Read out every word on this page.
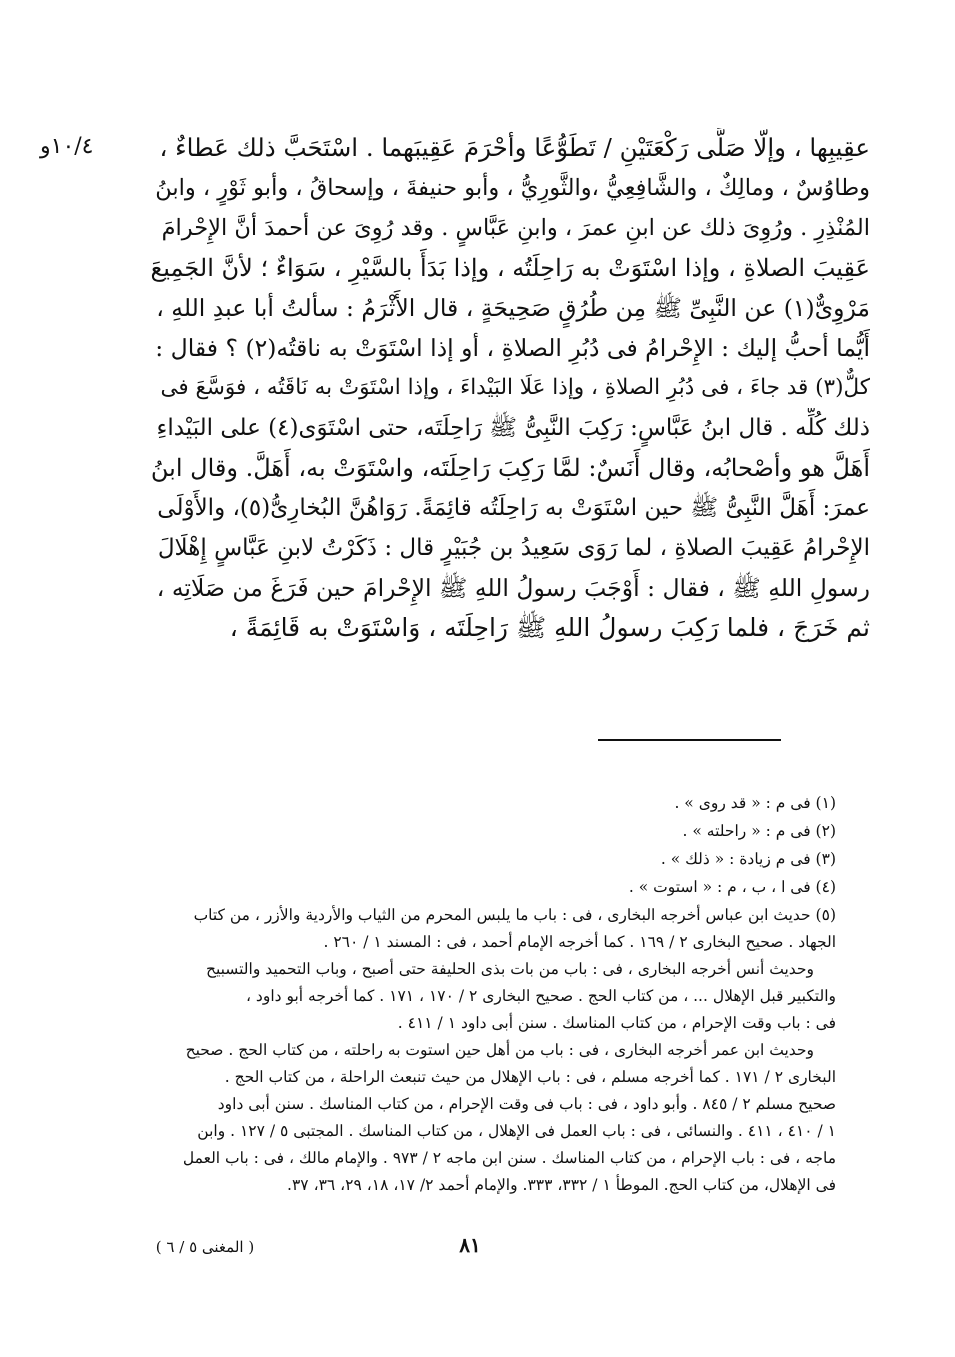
١٠/٤و	عقِيبِها ، وإلّا صَلَّى رَكْعَتَيْنِ / تَطَوُّعًا وأحْرَمَ عَقِيبَهما . اسْتَحَبَّ ذلك عَطاءٌ ،
وطاوُسٌ ، ومالِكٌ ، والشَّافِعِيُّ ،والثَّورِيُّ ، وأبو حنيفةَ ، وإسحاقُ ، وأبو ثَوْرٍ ، وابنُ
المُنْذِرِ . ورُوِىَ ذلك عن ابنِ عمرَ ، وابنِ عَبَّاسٍ . وقد رُوِىَ عن أحمدَ أنَّ الإِحْرامَ
عَقِيبَ الصلاةِ ، وإذا اسْتَوَتْ به رَاحِلَتُه ، وإذا بَدَأَ بالسَّيْرِ ، سَوَاءٌ ؛ لأنَّ الجَمِيعَ
مَرْوِىٌّ(١) عن النَّبِىِّ ﷺ مِن طُرُقٍ صَحِيحَةٍ ، قال الأَثْرَمُ : سألتُ أبا عبدِ اللهِ ،
أَيُّما أحبُّ إليك : الإِحْرامُ فى دُبُرِ الصلاةِ ، أو إذا اسْتَوَتْ به ناقتُه(٢) ؟ فقال :
كلٌّ(٣) قد جاءَ ، فى دُبُرِ الصلاةِ ، وإذا عَلَا البَيْداءَ ، وإذا اسْتَوَتْ به نَاقَتُه ، فوَسَّعَ فى
ذلك كُلِّه . قال ابنُ عَبَّاسٍ: رَكِبَ النَّبِىُّ ﷺ رَاحِلَتَه، حتى اسْتَوَى(٤) على البَيْداءِ
أَهَلَّ هو وأصْحابُه، وقال أَنَسٌ: لمَّا رَكِبَ رَاحِلَتَه، واسْتَوَتْ به، أَهَلَّ. وقال ابنُ
عمرَ: أَهَلَّ النَّبِىُّ ﷺ حين اسْتَوَتْ به رَاحِلَتُه قائِمَةً. رَوَاهُنَّ البُخارِىُّ(٥)، والأَوْلَى
الإِحْرامُ عَقِيبَ الصلاةِ ، لما رَوَى سَعِيدُ بن جُبَيْرٍ قال : ذَكَرْتُ لابنِ عَبَّاسٍ إِهْلَالَ
رسولِ اللهِ ﷺ ، فقال : أَوْجَبَ رسولُ اللهِ ﷺ الإِحْرامَ حين فَرَغَ من صَلَاتِه ،
ثم خَرَجَ ، فلما رَكِبَ رسولُ اللهِ ﷺ رَاحِلَتَه ، وَاسْتَوَتْ به قَائِمَةً ،
(١) فى م : « قد روى » .
(٢) فى م : « راحلته » .
(٣) فى م زيادة : « ذلك » .
(٤) فى ا ، ب ، م : « استوت » .
(٥) حديث ابن عباس أخرجه البخارى ، فى : باب ما يلبس المحرم من الثياب والأردية والأزر ، من كتاب
الجهاد . صحيح البخارى ٢ / ١٦٩ . كما أخرجه الإمام أحمد ، فى : المسند ١ / ٢٦٠ .
وحديث أنس أخرجه البخارى ، فى : باب من بات بذى الحليفة حتى أصبح ، وباب التحميد والتسبيح
والتكبير قبل الإهلال ... ، من كتاب الحج . صحيح البخارى ٢ / ١٧٠ ، ١٧١ . كما أخرجه أبو داود ،
فى : باب وقت الإحرام ، من كتاب المناسك . سنن أبى داود ١ / ٤١١ .
وحديث ابن عمر أخرجه البخارى ، فى : باب من أهل حين استوت به راحلته ، من كتاب الحج . صحيح
البخارى ٢ / ١٧١ . كما أخرجه مسلم ، فى : باب الإهلال من حيث تنبعث الراحلة ، من كتاب الحج .
صحيح مسلم ٢ / ٨٤٥ . وأبو داود ، فى : باب فى وقت الإحرام ، من كتاب المناسك . سنن أبى داود
١ / ٤١٠ ، ٤١١ . والنسائى ، فى : باب العمل فى الإهلال ، من كتاب المناسك . المجتبى ٥ / ١٢٧ . وابن
ماجه ، فى : باب الإحرام ، من كتاب المناسك . سنن ابن ماجه ٢ / ٩٧٣ . والإمام مالك ، فى : باب العمل
فى الإهلال، من كتاب الحج. الموطأ ١ / ٣٣٢، ٣٣٣. والإمام أحمد ٢/ ١٧، ١٨، ٢٩، ٣٦، ٣٧.
٨١
( المغنى ٥ / ٦ )
